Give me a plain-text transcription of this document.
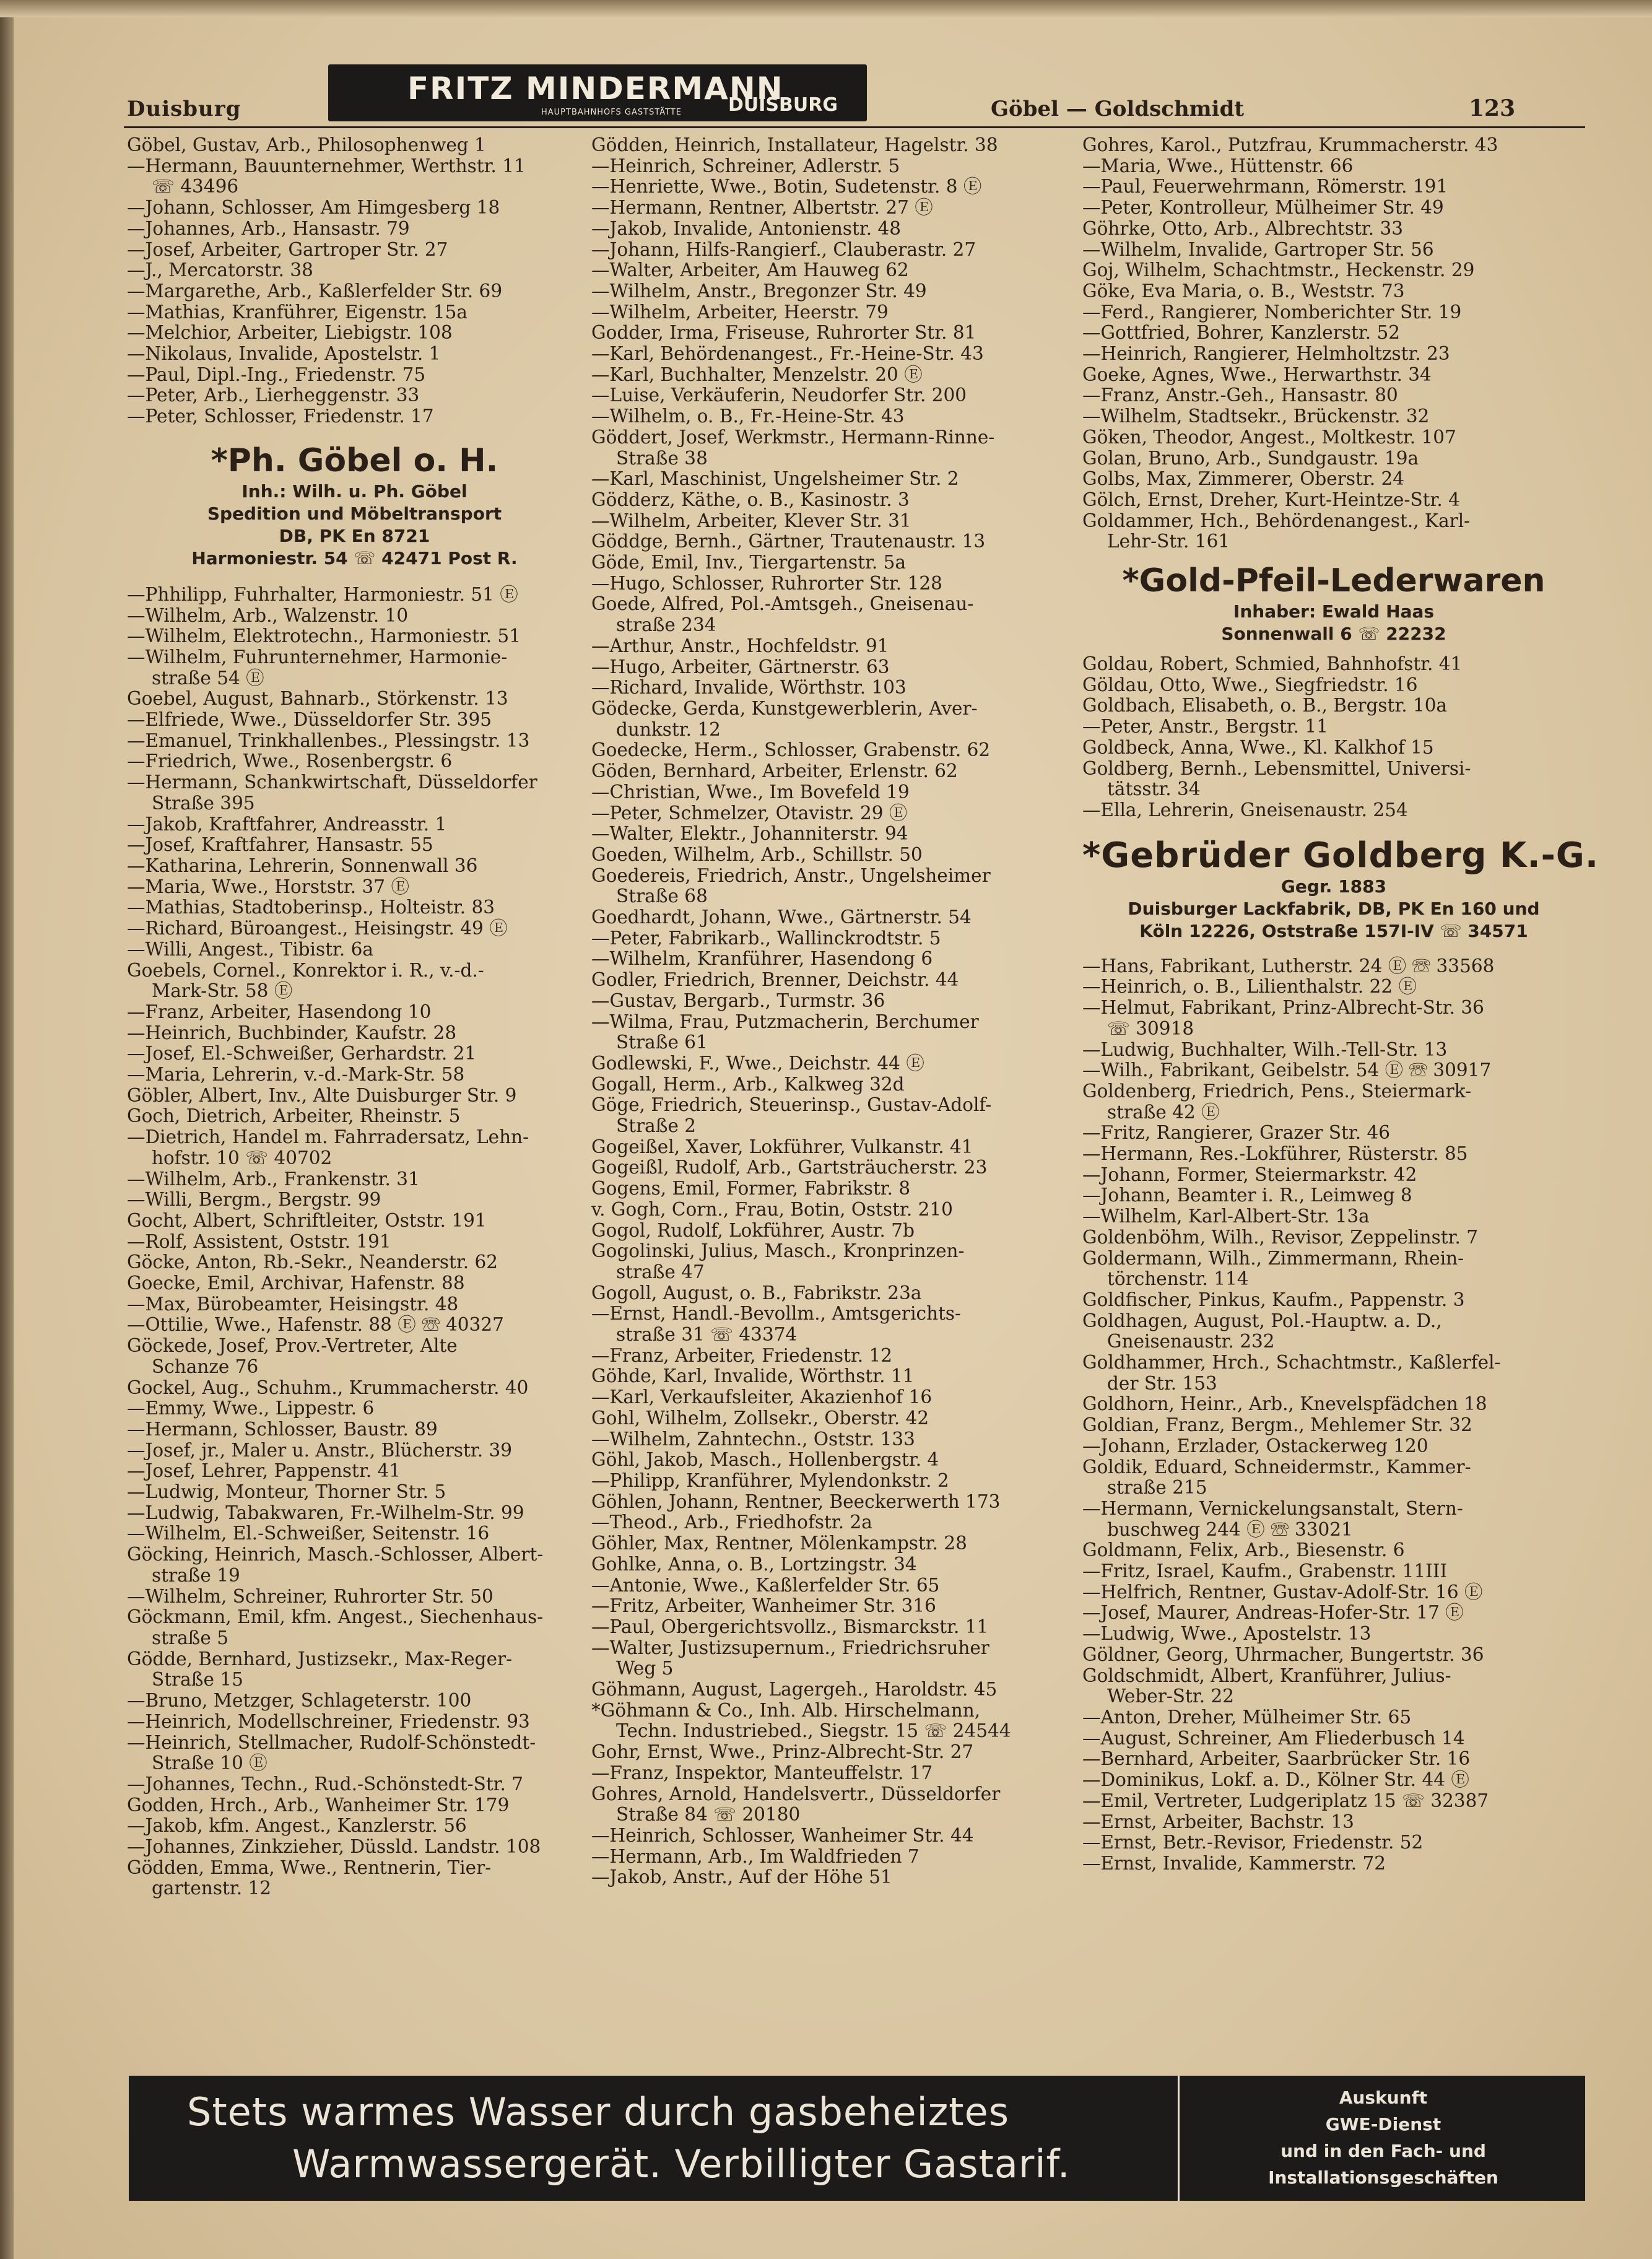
Duisburg	Göbel — Goldschmidt	123
FRITZ MINDERMANN
HAUPTBAHNHOFS GASTSTÄTTE DUISBURG
Göbel, Gustav, Arb., Philosophenweg 1
—Hermann, Bauunternehmer, Werthstr. 11
☏ 43496
—Johann, Schlosser, Am Himgesberg 18
—Johannes, Arb., Hansastr. 79
—Josef, Arbeiter, Gartroper Str. 27
—J., Mercatorstr. 38
—Margarethe, Arb., Kaßlerfelder Str. 69
—Mathias, Kranführer, Eigenstr. 15a
—Melchior, Arbeiter, Liebigstr. 108
—Nikolaus, Invalide, Apostelstr. 1
—Paul, Dipl.-Ing., Friedenstr. 75
—Peter, Arb., Lierheggenstr. 33
—Peter, Schlosser, Friedenstr. 17
*Ph. Göbel o. H.
Inh.: Wilh. u. Ph. Göbel
Spedition und Möbeltransport
DB, PK En 8721
Harmoniestr. 54 ☏ 42471 Post R.
—Phhilipp, Fuhrhalter, Harmoniestr. 51 Ⓔ
—Wilhelm, Arb., Walzenstr. 10
—Wilhelm, Elektrotechn., Harmoniestr. 51
—Wilhelm, Fuhrunternehmer, Harmonie-
straße 54 Ⓔ
Goebel, August, Bahnarb., Störkenstr. 13
—Elfriede, Wwe., Düsseldorfer Str. 395
—Emanuel, Trinkhallenbes., Plessingstr. 13
—Friedrich, Wwe., Rosenbergstr. 6
—Hermann, Schankwirtschaft, Düsseldorfer
Straße 395
—Jakob, Kraftfahrer, Andreasstr. 1
—Josef, Kraftfahrer, Hansastr. 55
—Katharina, Lehrerin, Sonnenwall 36
—Maria, Wwe., Horststr. 37 Ⓔ
—Mathias, Stadtoberinsp., Holteistr. 83
—Richard, Büroangest., Heisingstr. 49 Ⓔ
—Willi, Angest., Tibistr. 6a
Goebels, Cornel., Konrektor i. R., v.-d.-
Mark-Str. 58 Ⓔ
—Franz, Arbeiter, Hasendong 10
—Heinrich, Buchbinder, Kaufstr. 28
—Josef, El.-Schweißer, Gerhardstr. 21
—Maria, Lehrerin, v.-d.-Mark-Str. 58
Göbler, Albert, Inv., Alte Duisburger Str. 9
Goch, Dietrich, Arbeiter, Rheinstr. 5
—Dietrich, Handel m. Fahrradersatz, Lehn-
hofstr. 10 ☏ 40702
—Wilhelm, Arb., Frankenstr. 31
—Willi, Bergm., Bergstr. 99
Gocht, Albert, Schriftleiter, Oststr. 191
—Rolf, Assistent, Oststr. 191
Göcke, Anton, Rb.-Sekr., Neanderstr. 62
Goecke, Emil, Archivar, Hafenstr. 88
—Max, Bürobeamter, Heisingstr. 48
—Ottilie, Wwe., Hafenstr. 88 Ⓔ ☏ 40327
Göckede, Josef, Prov.-Vertreter, Alte
Schanze 76
Gockel, Aug., Schuhm., Krummacherstr. 40
—Emmy, Wwe., Lippestr. 6
—Hermann, Schlosser, Baustr. 89
—Josef, jr., Maler u. Anstr., Blücherstr. 39
—Josef, Lehrer, Pappenstr. 41
—Ludwig, Monteur, Thorner Str. 5
—Ludwig, Tabakwaren, Fr.-Wilhelm-Str. 99
—Wilhelm, El.-Schweißer, Seitenstr. 16
Göcking, Heinrich, Masch.-Schlosser, Albert-
straße 19
—Wilhelm, Schreiner, Ruhrorter Str. 50
Göckmann, Emil, kfm. Angest., Siechenhaus-
straße 5
Gödde, Bernhard, Justizsekr., Max-Reger-
Straße 15
—Bruno, Metzger, Schlageterstr. 100
—Heinrich, Modellschreiner, Friedenstr. 93
—Heinrich, Stellmacher, Rudolf-Schönstedt-
Straße 10 Ⓔ
—Johannes, Techn., Rud.-Schönstedt-Str. 7
Godden, Hrch., Arb., Wanheimer Str. 179
—Jakob, kfm. Angest., Kanzlerstr. 56
—Johannes, Zinkzieher, Düssld. Landstr. 108
Gödden, Emma, Wwe., Rentnerin, Tier-
gartenstr. 12
Gödden, Heinrich, Installateur, Hagelstr. 38
—Heinrich, Schreiner, Adlerstr. 5
—Henriette, Wwe., Botin, Sudetenstr. 8 Ⓔ
—Hermann, Rentner, Albertstr. 27 Ⓔ
—Jakob, Invalide, Antonienstr. 48
—Johann, Hilfs-Rangierf., Clauberastr. 27
—Walter, Arbeiter, Am Hauweg 62
—Wilhelm, Anstr., Bregonzer Str. 49
—Wilhelm, Arbeiter, Heerstr. 79
Godder, Irma, Friseuse, Ruhrorter Str. 81
—Karl, Behördenangest., Fr.-Heine-Str. 43
—Karl, Buchhalter, Menzelstr. 20 Ⓔ
—Luise, Verkäuferin, Neudorfer Str. 200
—Wilhelm, o. B., Fr.-Heine-Str. 43
Göddert, Josef, Werkmstr., Hermann-Rinne-
Straße 38
—Karl, Maschinist, Ungelsheimer Str. 2
Gödderz, Käthe, o. B., Kasinostr. 3
—Wilhelm, Arbeiter, Klever Str. 31
Göddge, Bernh., Gärtner, Trautenaustr. 13
Göde, Emil, Inv., Tiergartenstr. 5a
—Hugo, Schlosser, Ruhrorter Str. 128
Goede, Alfred, Pol.-Amtsgeh., Gneisenau-
straße 234
—Arthur, Anstr., Hochfeldstr. 91
—Hugo, Arbeiter, Gärtnerstr. 63
—Richard, Invalide, Wörthstr. 103
Gödecke, Gerda, Kunstgewerblerin, Aver-
dunkstr. 12
Goedecke, Herm., Schlosser, Grabenstr. 62
Göden, Bernhard, Arbeiter, Erlenstr. 62
—Christian, Wwe., Im Bovefeld 19
—Peter, Schmelzer, Otavistr. 29 Ⓔ
—Walter, Elektr., Johanniterstr. 94
Goeden, Wilhelm, Arb., Schillstr. 50
Goedereis, Friedrich, Anstr., Ungelsheimer
Straße 68
Goedhardt, Johann, Wwe., Gärtnerstr. 54
—Peter, Fabrikarb., Wallinckrodtstr. 5
—Wilhelm, Kranführer, Hasendong 6
Godler, Friedrich, Brenner, Deichstr. 44
—Gustav, Bergarb., Turmstr. 36
—Wilma, Frau, Putzmacherin, Berchumer
Straße 61
Godlewski, F., Wwe., Deichstr. 44 Ⓔ
Gogall, Herm., Arb., Kalkweg 32d
Göge, Friedrich, Steuerinsp., Gustav-Adolf-
Straße 2
Gogeißel, Xaver, Lokführer, Vulkanstr. 41
Gogeißl, Rudolf, Arb., Gartsträucherstr. 23
Gogens, Emil, Former, Fabrikstr. 8
v. Gogh, Corn., Frau, Botin, Oststr. 210
Gogol, Rudolf, Lokführer, Austr. 7b
Gogolinski, Julius, Masch., Kronprinzen-
straße 47
Gogoll, August, o. B., Fabrikstr. 23a
—Ernst, Handl.-Bevollm., Amtsgerichts-
straße 31 ☏ 43374
—Franz, Arbeiter, Friedenstr. 12
Göhde, Karl, Invalide, Wörthstr. 11
—Karl, Verkaufsleiter, Akazienhof 16
Gohl, Wilhelm, Zollsekr., Oberstr. 42
—Wilhelm, Zahntechn., Oststr. 133
Göhl, Jakob, Masch., Hollenbergstr. 4
—Philipp, Kranführer, Mylendonkstr. 2
Göhlen, Johann, Rentner, Beeckerwerth 173
—Theod., Arb., Friedhofstr. 2a
Göhler, Max, Rentner, Mölenkampstr. 28
Gohlke, Anna, o. B., Lortzingstr. 34
—Antonie, Wwe., Kaßlerfelder Str. 65
—Fritz, Arbeiter, Wanheimer Str. 316
—Paul, Obergerichtsvollz., Bismarckstr. 11
—Walter, Justizsupernum., Friedrichsruher
Weg 5
Göhmann, August, Lagergeh., Haroldstr. 45
*Göhmann & Co., Inh. Alb. Hirschelmann,
Techn. Industriebed., Siegstr. 15 ☏ 24544
Gohr, Ernst, Wwe., Prinz-Albrecht-Str. 27
—Franz, Inspektor, Manteuffelstr. 17
Gohres, Arnold, Handelsvertr., Düsseldorfer
Straße 84 ☏ 20180
—Heinrich, Schlosser, Wanheimer Str. 44
—Hermann, Arb., Im Waldfrieden 7
—Jakob, Anstr., Auf der Höhe 51
Gohres, Karol., Putzfrau, Krummacherstr. 43
—Maria, Wwe., Hüttenstr. 66
—Paul, Feuerwehrmann, Römerstr. 191
—Peter, Kontrolleur, Mülheimer Str. 49
Göhrke, Otto, Arb., Albrechtstr. 33
—Wilhelm, Invalide, Gartroper Str. 56
Goj, Wilhelm, Schachtmstr., Heckenstr. 29
Göke, Eva Maria, o. B., Weststr. 73
—Ferd., Rangierer, Nomberichter Str. 19
—Gottfried, Bohrer, Kanzlerstr. 52
—Heinrich, Rangierer, Helmholtzstr. 23
Goeke, Agnes, Wwe., Herwarthstr. 34
—Franz, Anstr.-Geh., Hansastr. 80
—Wilhelm, Stadtsekr., Brückenstr. 32
Göken, Theodor, Angest., Moltkestr. 107
Golan, Bruno, Arb., Sundgaustr. 19a
Golbs, Max, Zimmerer, Oberstr. 24
Gölch, Ernst, Dreher, Kurt-Heintze-Str. 4
Goldammer, Hch., Behördenangest., Karl-
Lehr-Str. 161
*Gold-Pfeil-Lederwaren
Inhaber: Ewald Haas
Sonnenwall 6 ☏ 22232
Goldau, Robert, Schmied, Bahnhofstr. 41
Göldau, Otto, Wwe., Siegfriedstr. 16
Goldbach, Elisabeth, o. B., Bergstr. 10a
—Peter, Anstr., Bergstr. 11
Goldbeck, Anna, Wwe., Kl. Kalkhof 15
Goldberg, Bernh., Lebensmittel, Universi-
tätsstr. 34
—Ella, Lehrerin, Gneisenaustr. 254
*Gebrüder Goldberg K.-G.
Gegr. 1883
Duisburger Lackfabrik, DB, PK En 160 und
Köln 12226, Oststraße 157I-IV ☏ 34571
—Hans, Fabrikant, Lutherstr. 24 Ⓔ ☏ 33568
—Heinrich, o. B., Lilienthalstr. 22 Ⓔ
—Helmut, Fabrikant, Prinz-Albrecht-Str. 36
☏ 30918
—Ludwig, Buchhalter, Wilh.-Tell-Str. 13
—Wilh., Fabrikant, Geibelstr. 54 Ⓔ ☏ 30917
Goldenberg, Friedrich, Pens., Steiermark-
straße 42 Ⓔ
—Fritz, Rangierer, Grazer Str. 46
—Hermann, Res.-Lokführer, Rüsterstr. 85
—Johann, Former, Steiermarkstr. 42
—Johann, Beamter i. R., Leimweg 8
—Wilhelm, Karl-Albert-Str. 13a
Goldenböhm, Wilh., Revisor, Zeppelinstr. 7
Goldermann, Wilh., Zimmermann, Rhein-
törchenstr. 114
Goldfischer, Pinkus, Kaufm., Pappenstr. 3
Goldhagen, August, Pol.-Hauptw. a. D.,
Gneisenaustr. 232
Goldhammer, Hrch., Schachtmstr., Kaßlerfel-
der Str. 153
Goldhorn, Heinr., Arb., Knevelspfädchen 18
Goldian, Franz, Bergm., Mehlemer Str. 32
—Johann, Erzlader, Ostackerweg 120
Goldik, Eduard, Schneidermstr., Kammer-
straße 215
—Hermann, Vernickelungsanstalt, Stern-
buschweg 244 Ⓔ ☏ 33021
Goldmann, Felix, Arb., Biesenstr. 6
—Fritz, Israel, Kaufm., Grabenstr. 11III
—Helfrich, Rentner, Gustav-Adolf-Str. 16 Ⓔ
—Josef, Maurer, Andreas-Hofer-Str. 17 Ⓔ
—Ludwig, Wwe., Apostelstr. 13
Göldner, Georg, Uhrmacher, Bungertstr. 36
Goldschmidt, Albert, Kranführer, Julius-
Weber-Str. 22
—Anton, Dreher, Mülheimer Str. 65
—August, Schreiner, Am Fliederbusch 14
—Bernhard, Arbeiter, Saarbrücker Str. 16
—Dominikus, Lokf. a. D., Kölner Str. 44 Ⓔ
—Emil, Vertreter, Ludgeriplatz 15 ☏ 32387
—Ernst, Arbeiter, Bachstr. 13
—Ernst, Betr.-Revisor, Friedenstr. 52
—Ernst, Invalide, Kammerstr. 72
Stets warmes Wasser durch gasbeheiztes
Warmwassergerät. Verbilligter Gastarif.
Auskunft
GWE-Dienst
und in den Fach- und
Installationsgeschäften
